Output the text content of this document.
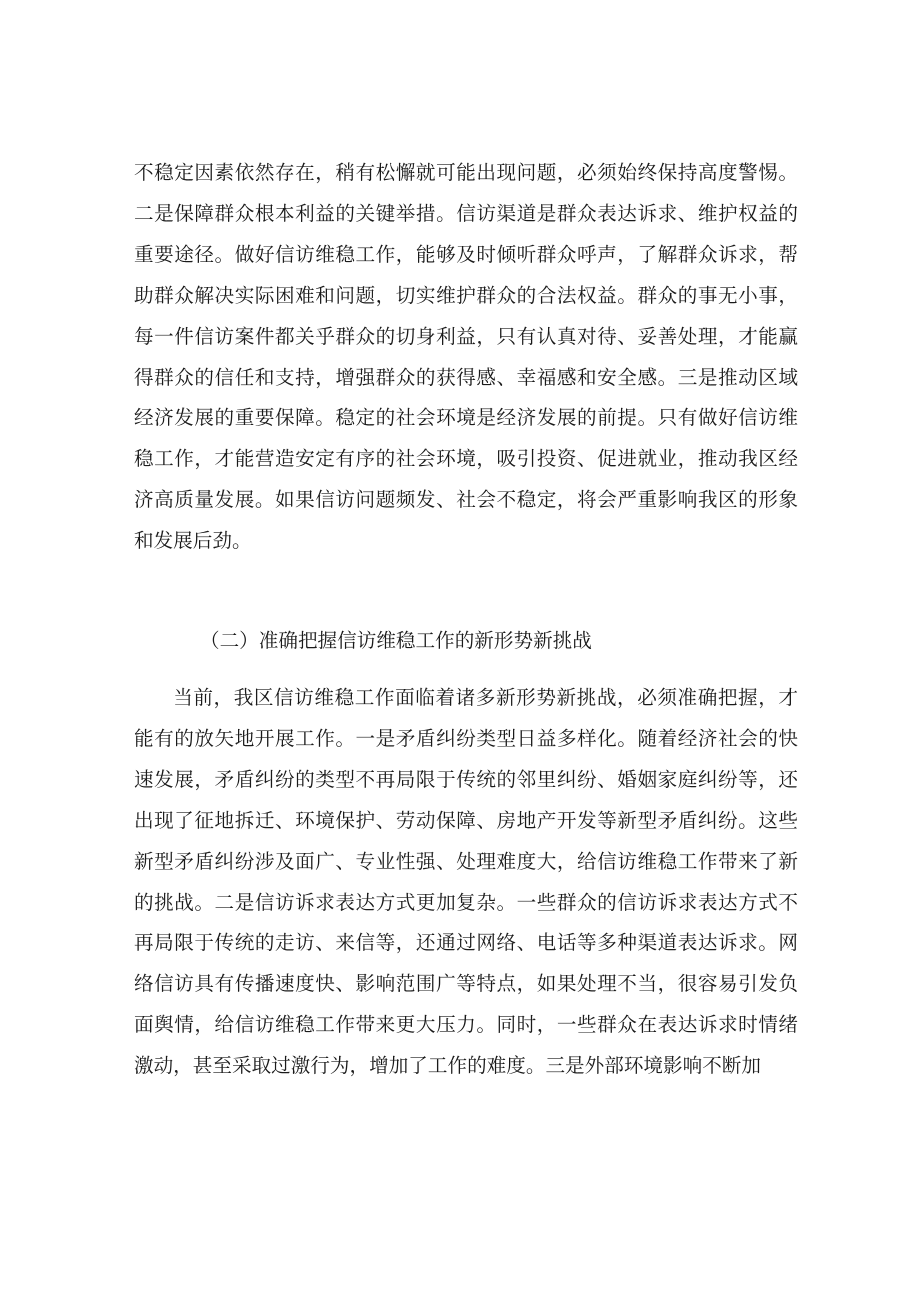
不稳定因素依然存在，稍有松懈就可能出现问题，必须始终保持高度警惕。二是保障群众根本利益的关键举措。信访渠道是群众表达诉求、维护权益的重要途径。做好信访维稳工作，能够及时倾听群众呼声，了解群众诉求，帮助群众解决实际困难和问题，切实维护群众的合法权益。群众的事无小事，每一件信访案件都关乎群众的切身利益，只有认真对待、妥善处理，才能赢得群众的信任和支持，增强群众的获得感、幸福感和安全感。三是推动区域经济发展的重要保障。稳定的社会环境是经济发展的前提。只有做好信访维稳工作，才能营造安定有序的社会环境，吸引投资、促进就业，推动我区经济高质量发展。如果信访问题频发、社会不稳定，将会严重影响我区的形象和发展后劲。

（二）准确把握信访维稳工作的新形势新挑战

当前，我区信访维稳工作面临着诸多新形势新挑战，必须准确把握，才能有的放矢地开展工作。一是矛盾纠纷类型日益多样化。随着经济社会的快速发展，矛盾纠纷的类型不再局限于传统的邻里纠纷、婚姻家庭纠纷等，还出现了征地拆迁、环境保护、劳动保障、房地产开发等新型矛盾纠纷。这些新型矛盾纠纷涉及面广、专业性强、处理难度大，给信访维稳工作带来了新的挑战。二是信访诉求表达方式更加复杂。一些群众的信访诉求表达方式不再局限于传统的走访、来信等，还通过网络、电话等多种渠道表达诉求。网络信访具有传播速度快、影响范围广等特点，如果处理不当，很容易引发负面舆情，给信访维稳工作带来更大压力。同时，一些群众在表达诉求时情绪激动，甚至采取过激行为，增加了工作的难度。三是外部环境影响不断加
